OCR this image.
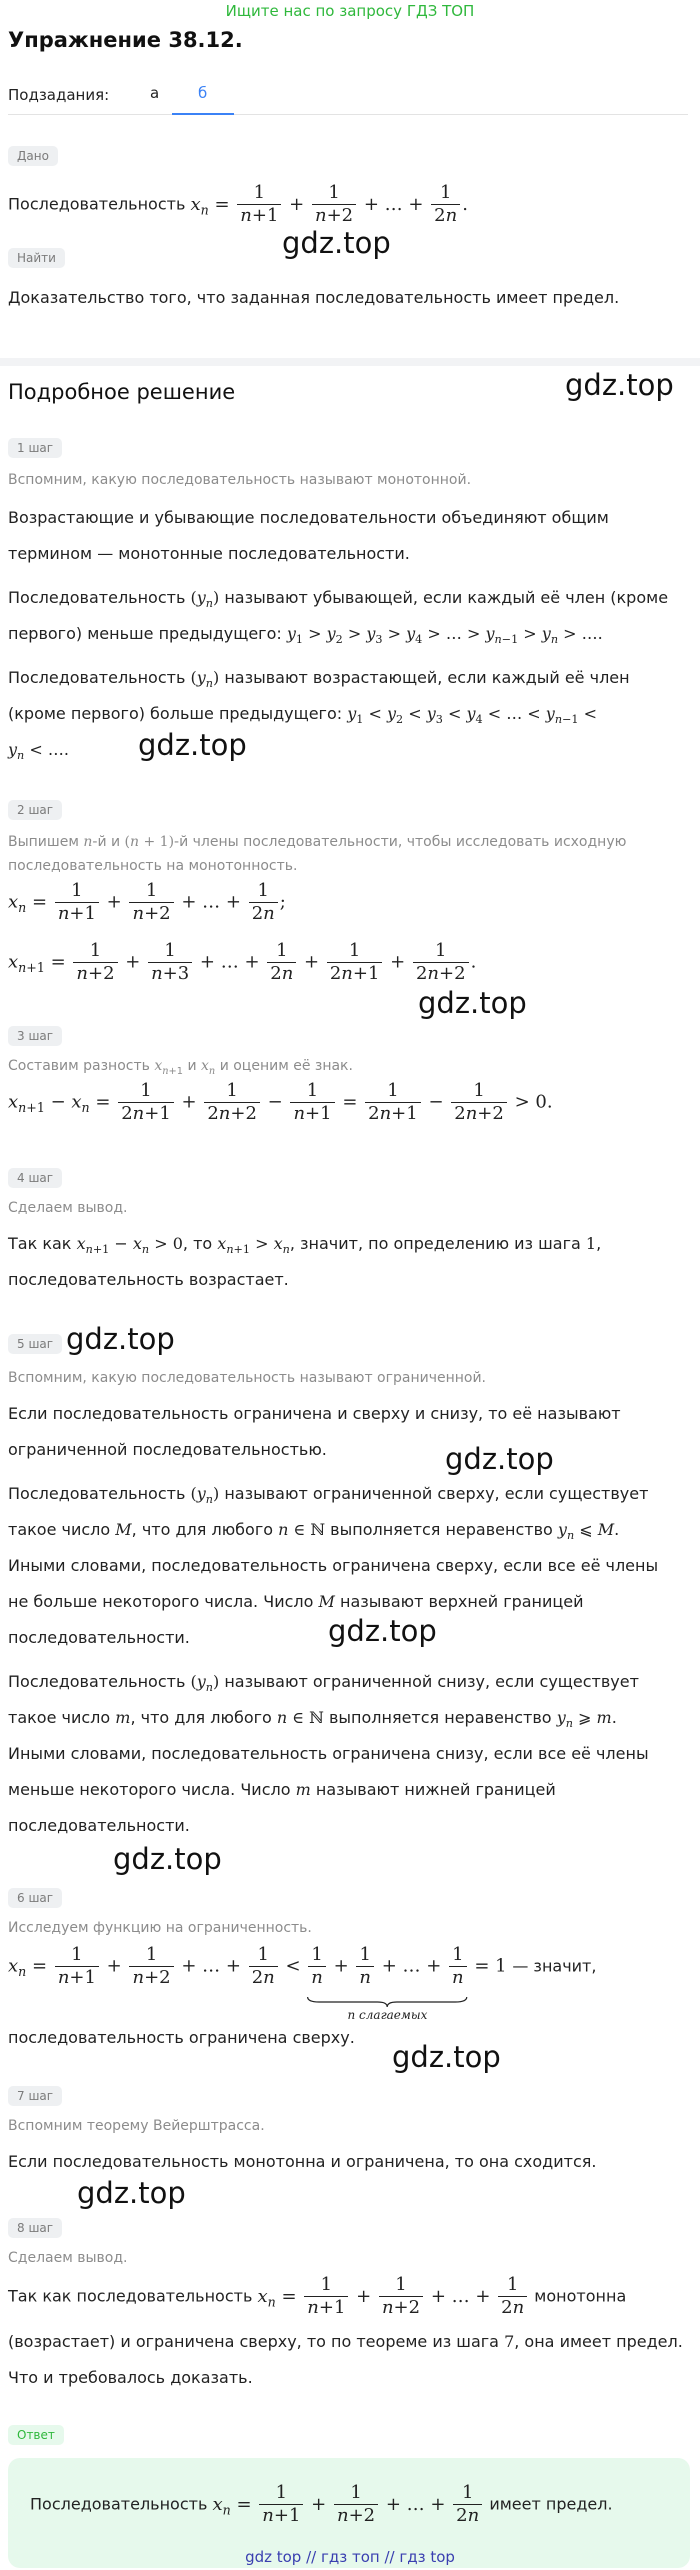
Ищите нас по запросу ГДЗ ТОП
Упражнение 38.12.
Подзадания:	а	б
Дано
Последовательность $x_n = \frac{1}{n+1} + \frac{1}{n+2}$ + … + $\frac{1}{2n}$ .
gdz.top
Найти
Доказательство того, что заданная последовательность имеет предел.
Подробное решение	gdz.top
1 шаг
Вспомним, какую последовательность называют монотонной.
Возрастающие и убывающие последовательности объединяют общим
термином — монотонные последовательности.
Последовательность $(y_n)$ называют убывающей, если каждый её член (кроме
первого) меньше предыдущего: $y_1 > y_2 > y_3 > y_4$ > … > $y_{n-1} > y_n$ > ….
Последовательность $(y_n)$ называют возрастающей, если каждый её член
(кроме первого) больше предыдущего: $y_1 < y_2 < y_3 < y_4$ < … < $y_{n-1}$ <
$y_n$ < …. gdz.top
2 шаг
Выпишем n-й и (n + 1)-й члены последовательности, чтобы исследовать исходную
последовательность на монотонность.
$x_n = \frac{1}{n+1} + \frac{1}{n+2}$ + … + $\frac{1}{2n}$ ;
$x_{n+1} = \frac{1}{n+2} + \frac{1}{n+3}$ + … + $\frac{1}{2n} + \frac{1}{2n+1} + \frac{1}{2n+2}$ .
gdz.top
3 шаг
Составим разность $x_{n+1}$ и $x_n$ и оценим её знак.
$x_{n+1} - x_n = \frac{1}{2n+1} + \frac{1}{2n+2} - \frac{1}{n+1} = \frac{1}{2n+1} - \frac{1}{2n+2} > 0$.
4 шаг
Сделаем вывод.
Так как $x_{n+1} - x_n > 0$, то $x_{n+1} > x_n$, значит, по определению из шага 1,
последовательность возрастает.
5 шаг gdz.top
Вспомним, какую последовательность называют ограниченной.
Если последовательность ограничена и сверху и снизу, то её называют
ограниченной последовательностью.	gdz.top
Последовательность $(y_n)$ называют ограниченной сверху, если существует
такое число M, что для любого n ∈ ℕ выполняется неравенство $y_n$ ⩽ M.
Иными словами, последовательность ограничена сверху, если все её члены
не больше некоторого числа. Число M называют верхней границей
gdz.top
последовательности.
Последовательность $(y_n)$ называют ограниченной снизу, если существует
такое число m, что для любого n ∈ ℕ выполняется неравенство $y_n$ ⩾ m.
Иными словами, последовательность ограничена снизу, если все её члены
меньше некоторого числа. Число m называют нижней границей
последовательности.
gdz.top
6 шаг
Исследуем функцию на ограниченность.
$x_n = \frac{1}{n+1} + \frac{1}{n+2}$ + … + $\frac{1}{2n} < \frac{1}{n} + \frac{1}{n}$ + … + $\frac{1}{n}$
n слагаемых
= 1 — значит,
последовательность ограничена сверху.
gdz.top
7 шаг
Вспомним теорему Вейерштрасса.
Если последовательность монотонна и ограничена, то она сходится.
gdz.top
8 шаг
Сделаем вывод.
Так как последовательность $x_n = \frac{1}{n+1} + \frac{1}{n+2}$ + … + $\frac{1}{2n}$ монотонна
(возрастает) и ограничена сверху, то по теореме из шага 7, она имеет предел.
Что и требовалось доказать.
Ответ
Последовательность $x_n = \frac{1}{n+1} + \frac{1}{n+2}$ + … + $\frac{1}{2n}$ имеет предел.
gdz top // гдз топ // гдз top
